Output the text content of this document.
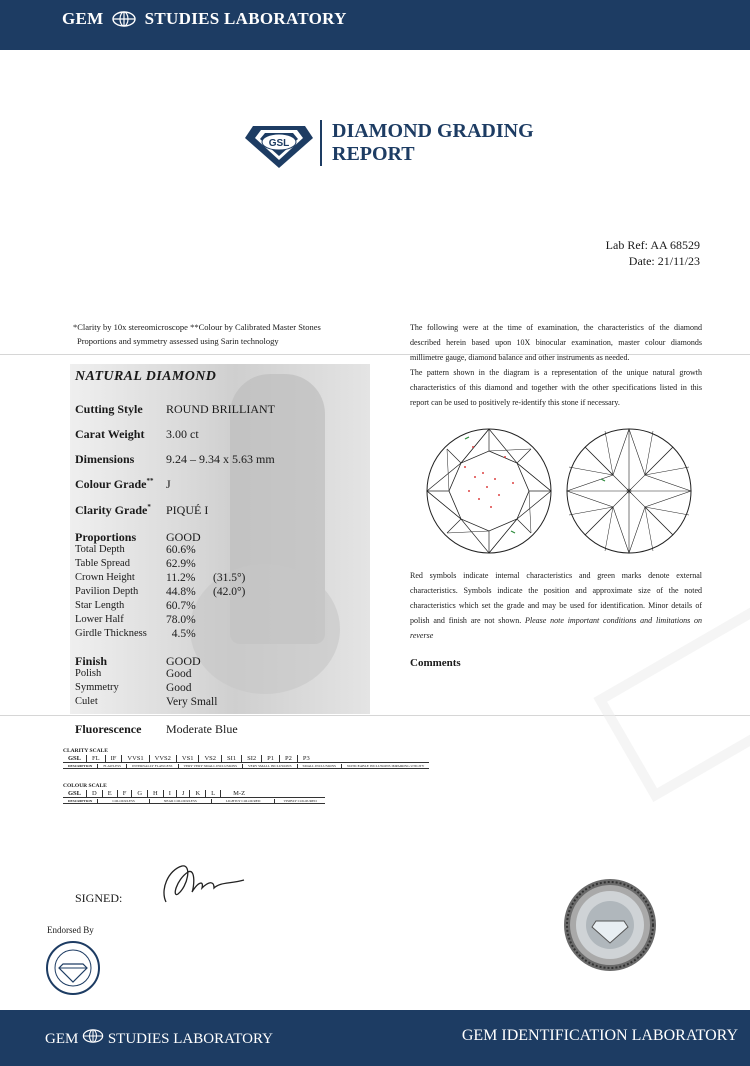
GEM STUDIES LABORATORY
GSL
DIAMOND GRADING
REPORT
Lab Ref: AA 68529
Date: 21/11/23
*Clarity by 10x stereomicroscope **Colour by Calibrated Master Stones
Proportions and symmetry assessed using Sarin technology

The following were at the time of examination, the characteristics of the diamond described herein based upon 10X binocular examination, master colour diamonds millimetre gauge, diamond balance and other instruments as needed.

The pattern shown in the diagram is a representation of the unique natural growth characteristics of this diamond and together with the other specifications listed in this report can be used to positively re-identify this stone if necessary.

NATURAL DIAMOND
Cutting Style ROUND BRILLIANT
Carat Weight 3.00 ct
Dimensions	9.24 – 9.34 x 5.63 mm
Colour Grade** J
Clarity Grade* PIQUÉ I
Proportions GOOD
Total Depth	60.6%
Table Spread	62.9%
Crown Height	11.2% (31.5°)
Pavilion Depth 44.8% (42.0°)
Star Length	60.7%
Lower Half	78.0%
Girdle Thickness 4.5%
Finish	GOOD
Polish	Good
Symmetry	Good
Culet	Very Small
Fluorescence Moderate Blue
CLARITY SCALE
GSL	FL	IF	VVS1	VVS2	VS1	VS2	SI1	SI2	P1	P2	P3
DESCRIPTION	FLAWLESS	INTERNALLY FLAWLESS	VERY VERY SMALL INCLUSIONS	VERY SMALL INCLUSIONS	SMALL INCLUSIONS	NOTICEABLE INCLUSIONS IMPAIRING UTILITY
COLOUR SCALE
GSL	D	E	F	G	H	I	J	K	L	M-Z
DESCRIPTION	COLOURLESS	NEAR COLOURLESS	LIGHTLY COLOURED	VISIBLY COLOURED
Red symbols indicate internal characteristics and green marks denote external characteristics. Symbols indicate the position and approximate size of the noted characteristics which set the grade and may be used for identification. Minor details of polish and finish are not shown. Please note important conditions and limitations on reverse
Comments
SIGNED:
Endorsed By
GEM STUDIES LABORATORY	GEM IDENTIFICATION LABORATORY
